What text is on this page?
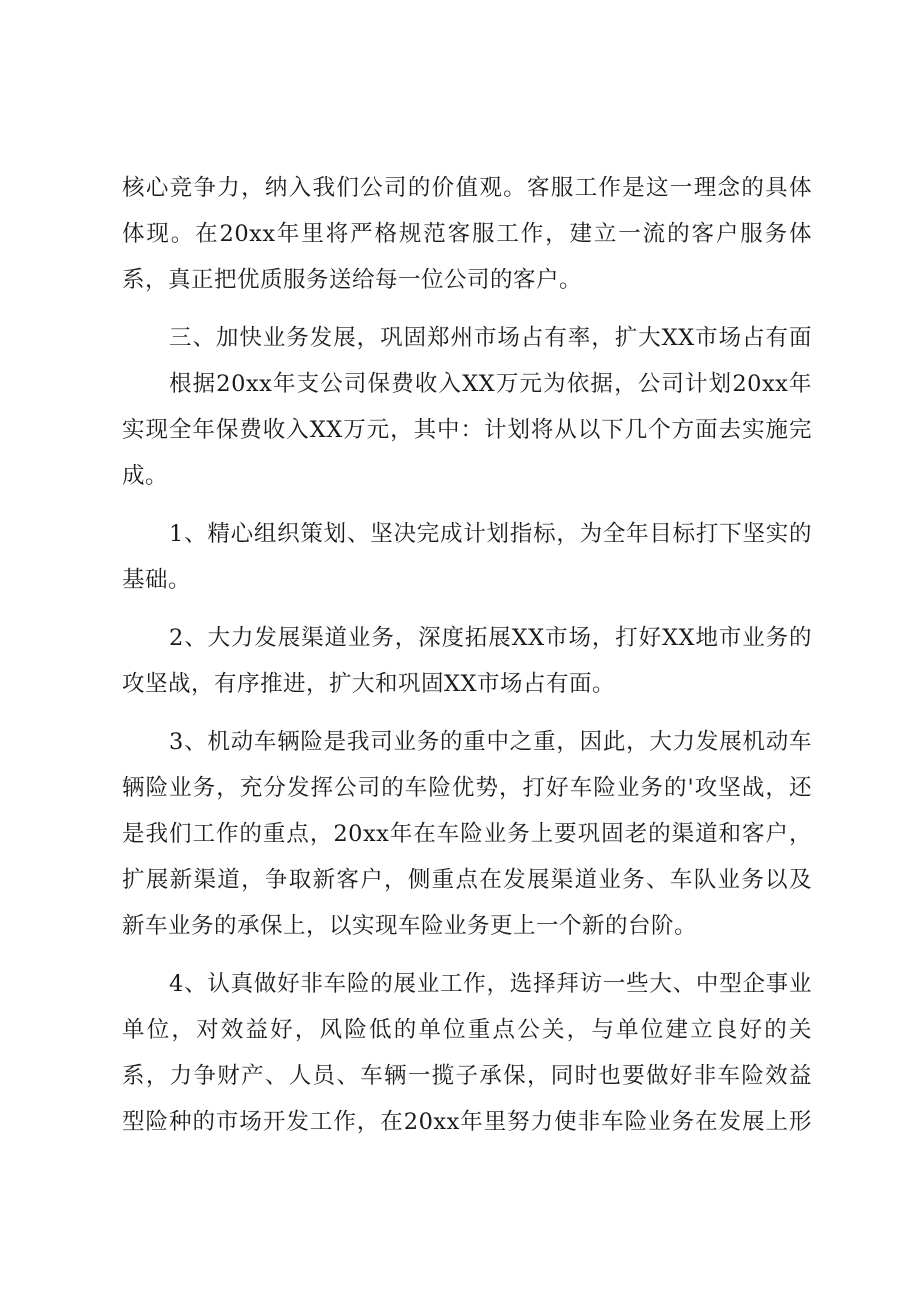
核心竞争力，纳入我们公司的价值观。客服工作是这一理念的具体
体现。在20xx年里将严格规范客服工作，建立一流的客户服务体
系，真正把优质服务送给每一位公司的客户。
三、加快业务发展，巩固郑州市场占有率，扩大XX市场占有面
根据20xx年支公司保费收入XX万元为依据，公司计划20xx年
实现全年保费收入XX万元，其中：计划将从以下几个方面去实施完
成。
1、精心组织策划、坚决完成计划指标，为全年目标打下坚实的
基础。
2、大力发展渠道业务，深度拓展XX市场，打好XX地市业务的
攻坚战，有序推进，扩大和巩固XX市场占有面。
3、机动车辆险是我司业务的重中之重，因此，大力发展机动车
辆险业务，充分发挥公司的车险优势，打好车险业务的'攻坚战，还
是我们工作的重点，20xx年在车险业务上要巩固老的渠道和客户，
扩展新渠道，争取新客户，侧重点在发展渠道业务、车队业务以及
新车业务的承保上，以实现车险业务更上一个新的台阶。
4、认真做好非车险的展业工作，选择拜访一些大、中型企事业
单位，对效益好，风险低的单位重点公关，与单位建立良好的关
系，力争财产、人员、车辆一揽子承保，同时也要做好非车险效益
型险种的市场开发工作，在20xx年里努力使非车险业务在发展上形
